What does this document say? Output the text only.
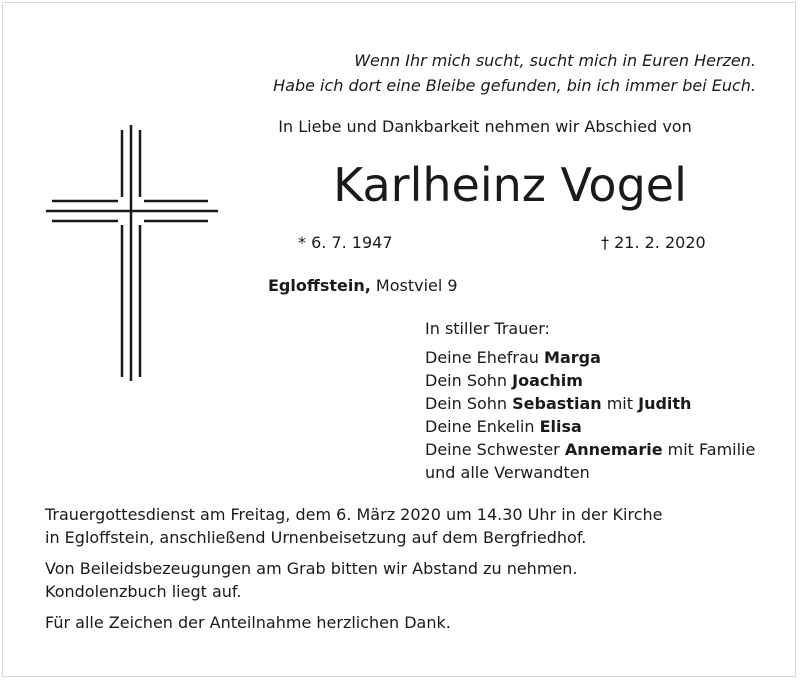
Wenn Ihr mich sucht, sucht mich in Euren Herzen.
Habe ich dort eine Bleibe gefunden, bin ich immer bei Euch.
In Liebe und Dankbarkeit nehmen wir Abschied von
Karlheinz Vogel
* 6. 7. 1947	† 21. 2. 2020
Egloffstein, Mostviel 9
In stiller Trauer:
Deine Ehefrau Marga
Dein Sohn Joachim
Dein Sohn Sebastian mit Judith
Deine Enkelin Elisa
Deine Schwester Annemarie mit Familie
und alle Verwandten

Trauergottesdienst am Freitag, dem 6. März 2020 um 14.30 Uhr in der Kirche
in Egloffstein, anschließend Urnenbeisetzung auf dem Bergfriedhof.

Von Beileidsbezeugungen am Grab bitten wir Abstand zu nehmen.
Kondolenzbuch liegt auf.

Für alle Zeichen der Anteilnahme herzlichen Dank.
